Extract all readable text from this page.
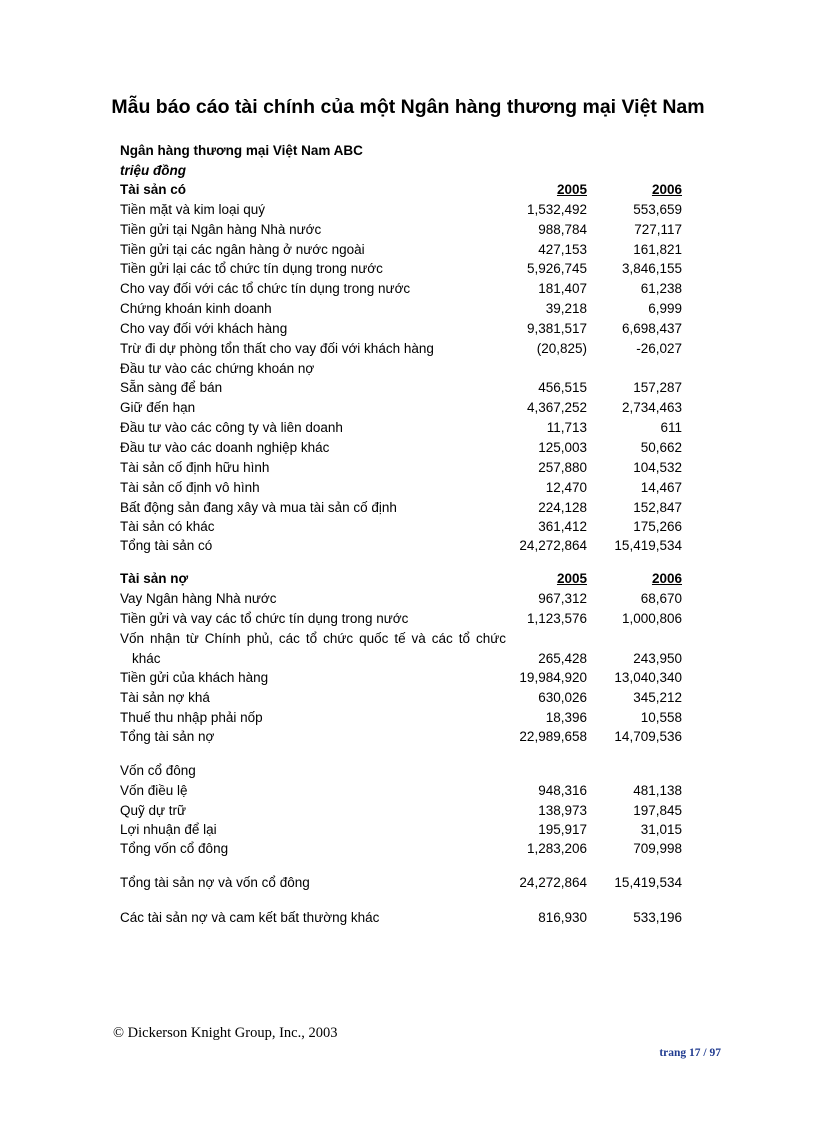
Mẫu báo cáo tài chính của một Ngân hàng thương mại Việt Nam
Ngân hàng thương mại Việt Nam ABC
triệu đồng
Tài sản có	2005	2006
Tiền mặt và kim loại quý	1,532,492	553,659
Tiền gửi tại Ngân hàng Nhà nước	988,784	727,117
Tiền gửi tại các ngân hàng ở nước ngoài	427,153	161,821
Tiền gửi lại các tổ chức tín dụng trong nước	5,926,745	3,846,155
Cho vay đối với các tổ chức tín dụng trong nước	181,407	61,238
Chứng khoán kinh doanh	39,218	6,999
Cho vay đối với khách hàng	9,381,517	6,698,437
Trừ đi dự phòng tổn thất cho vay đối với khách hàng	(20,825)	-26,027
Đầu tư vào các chứng khoán nợ
Sẵn sàng để bán	456,515	157,287
Giữ đến hạn	4,367,252	2,734,463
Đầu tư vào các công ty và liên doanh	11,713	611
Đầu tư vào các doanh nghiệp khác	125,003	50,662
Tài sản cố định hữu hình	257,880	104,532
Tài sản cố định vô hình	12,470	14,467
Bất động sản đang xây và mua tài sản cố định	224,128	152,847
Tài sản có khác	361,412	175,266
Tổng tài sản có	24,272,864 15,419,534
Tài sản nợ	2005	2006
Vay Ngân hàng Nhà nước	967,312	68,670
Tiền gửi và vay các tổ chức tín dụng trong nước	1,123,576	1,000,806
Vốn nhận từ Chính phủ, các tổ chức quốc tế và các tổ chức
khác	265,428	243,950
Tiền gửi của khách hàng	19,984,920 13,040,340
Tài sản nợ khá	630,026	345,212
Thuế thu nhập phải nốp	18,396	10,558
Tổng tài sản nợ	22,989,658 14,709,536
Vốn cổ đông
Vốn điều lệ	948,316	481,138
Quỹ dự trữ	138,973	197,845
Lợi nhuận để lại	195,917	31,015
Tổng vốn cổ đông	1,283,206	709,998
Tổng tài sản nợ và vốn cổ đông	24,272,864 15,419,534
Các tài sản nợ và cam kết bất thường khác	816,930	533,196
© Dickerson Knight Group, Inc., 2003
trang 17 / 97
